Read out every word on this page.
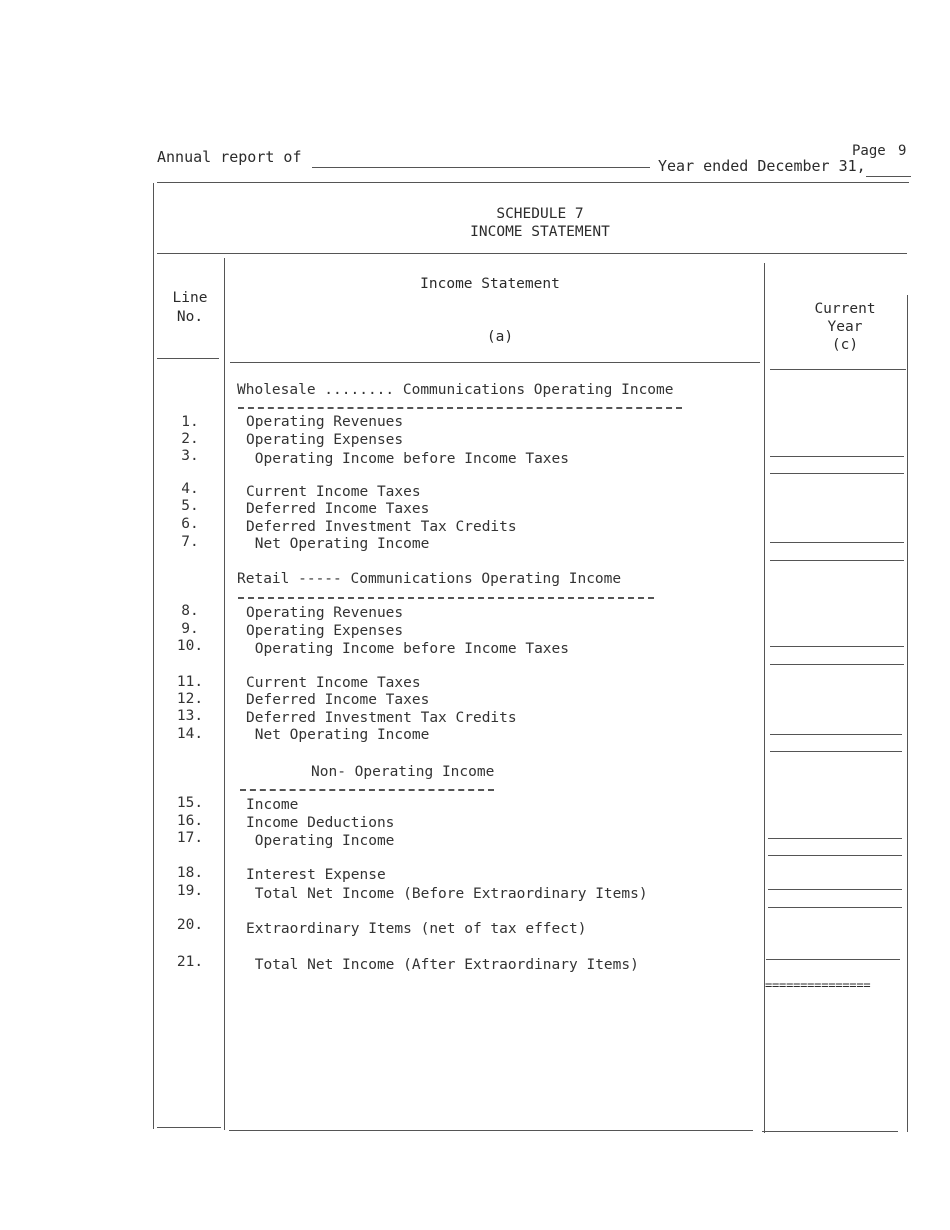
Annual report of	Page 9
Year ended December 31,
SCHEDULE 7
INCOME STATEMENT
Line
No.
Income Statement
(a)
Current
Year
(c)
Wholesale ........ Communications Operating Income
Retail ----- Communications Operating Income
Non- Operating Income
1.
2.
3.
4.
5.
6.
7.
8.
9.
10.
11.
12.
13.
14.
15.
16.
17.
18.
19.
20.
21.
Operating Revenues
Operating Expenses
Operating Income before Income Taxes
Current Income Taxes
Deferred Income Taxes
Deferred Investment Tax Credits
Net Operating Income
Operating Revenues
Operating Expenses
Operating Income before Income Taxes
Current Income Taxes
Deferred Income Taxes
Deferred Investment Tax Credits
Net Operating Income
Income
Income Deductions
Operating Income
Interest Expense
Total Net Income (Before Extraordinary Items)
Extraordinary Items (net of tax effect)
Total Net Income (After Extraordinary Items)
===============
